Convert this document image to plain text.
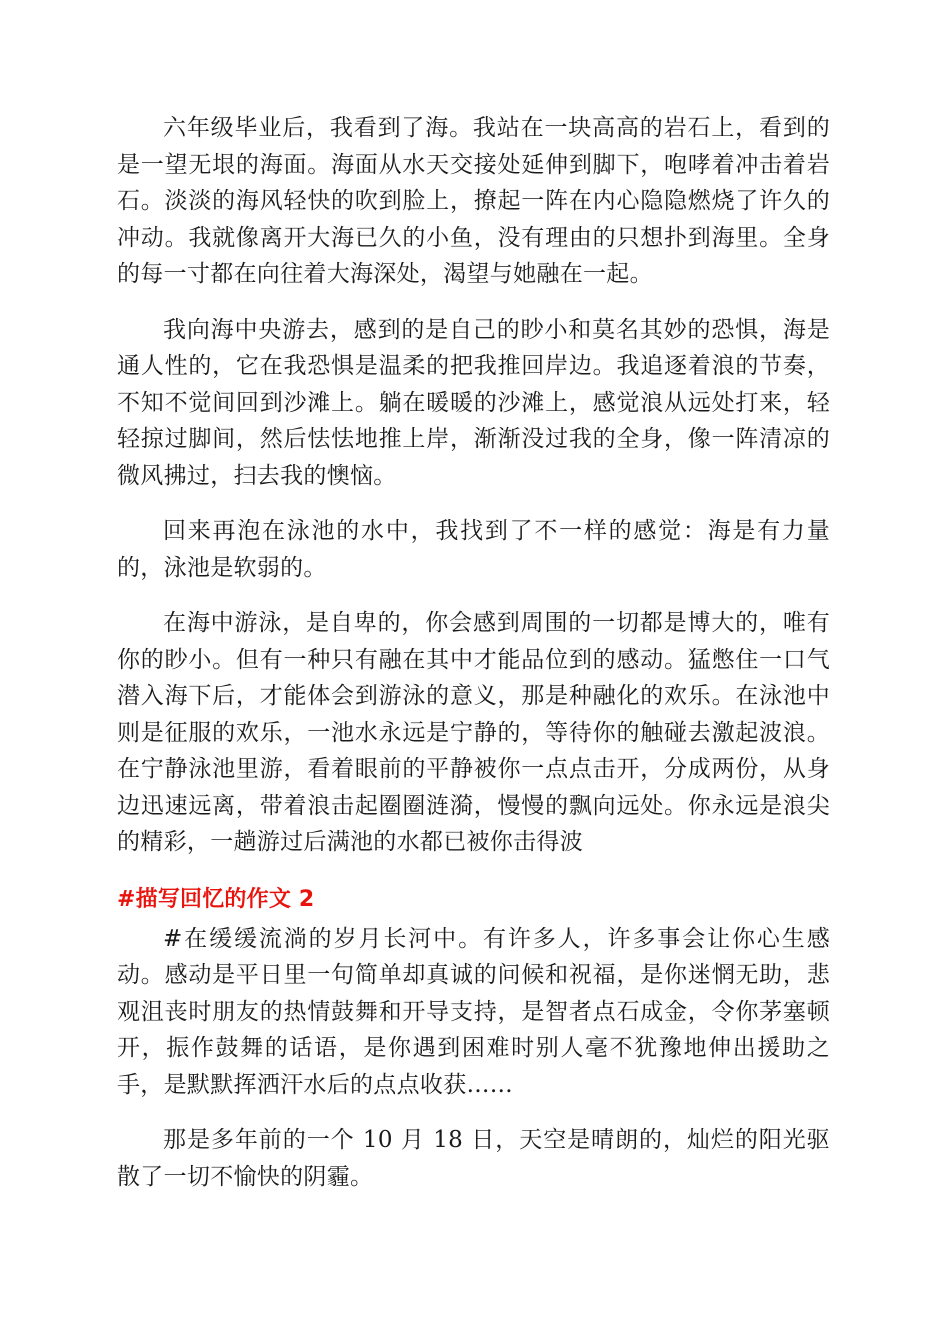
六年级毕业后，我看到了海。我站在一块高高的岩石上，看到的是一望无垠的海面。海面从水天交接处延伸到脚下，咆哮着冲击着岩石。淡淡的海风轻快的吹到脸上，撩起一阵在内心隐隐燃烧了许久的冲动。我就像离开大海已久的小鱼，没有理由的只想扑到海里。全身的每一寸都在向往着大海深处，渴望与她融在一起。

我向海中央游去，感到的是自己的眇小和莫名其妙的恐惧，海是通人性的，它在我恐惧是温柔的把我推回岸边。我追逐着浪的节奏，不知不觉间回到沙滩上。躺在暖暖的沙滩上，感觉浪从远处打来，轻轻掠过脚间，然后怯怯地推上岸，渐渐没过我的全身，像一阵清凉的微风拂过，扫去我的懊恼。

回来再泡在泳池的水中，我找到了不一样的感觉：海是有力量的，泳池是软弱的。

在海中游泳，是自卑的，你会感到周围的一切都是博大的，唯有你的眇小。但有一种只有融在其中才能品位到的感动。猛憋住一口气潜入海下后，才能体会到游泳的意义，那是种融化的欢乐。在泳池中则是征服的欢乐，一池水永远是宁静的，等待你的触碰去激起波浪。在宁静泳池里游，看着眼前的平静被你一点点击开，分成两份，从身边迅速远离，带着浪击起圈圈涟漪，慢慢的飘向远处。你永远是浪尖的精彩，一趟游过后满池的水都已被你击得波

#描写回忆的作文 2

#在缓缓流淌的岁月长河中。有许多人，许多事会让你心生感动。感动是平日里一句简单却真诚的问候和祝福，是你迷惘无助，悲观沮丧时朋友的热情鼓舞和开导支持，是智者点石成金，令你茅塞顿开，振作鼓舞的话语，是你遇到困难时别人毫不犹豫地伸出援助之手，是默默挥洒汗水后的点点收获……

那是多年前的一个 10 月 18 日，天空是晴朗的，灿烂的阳光驱散了一切不愉快的阴霾。
